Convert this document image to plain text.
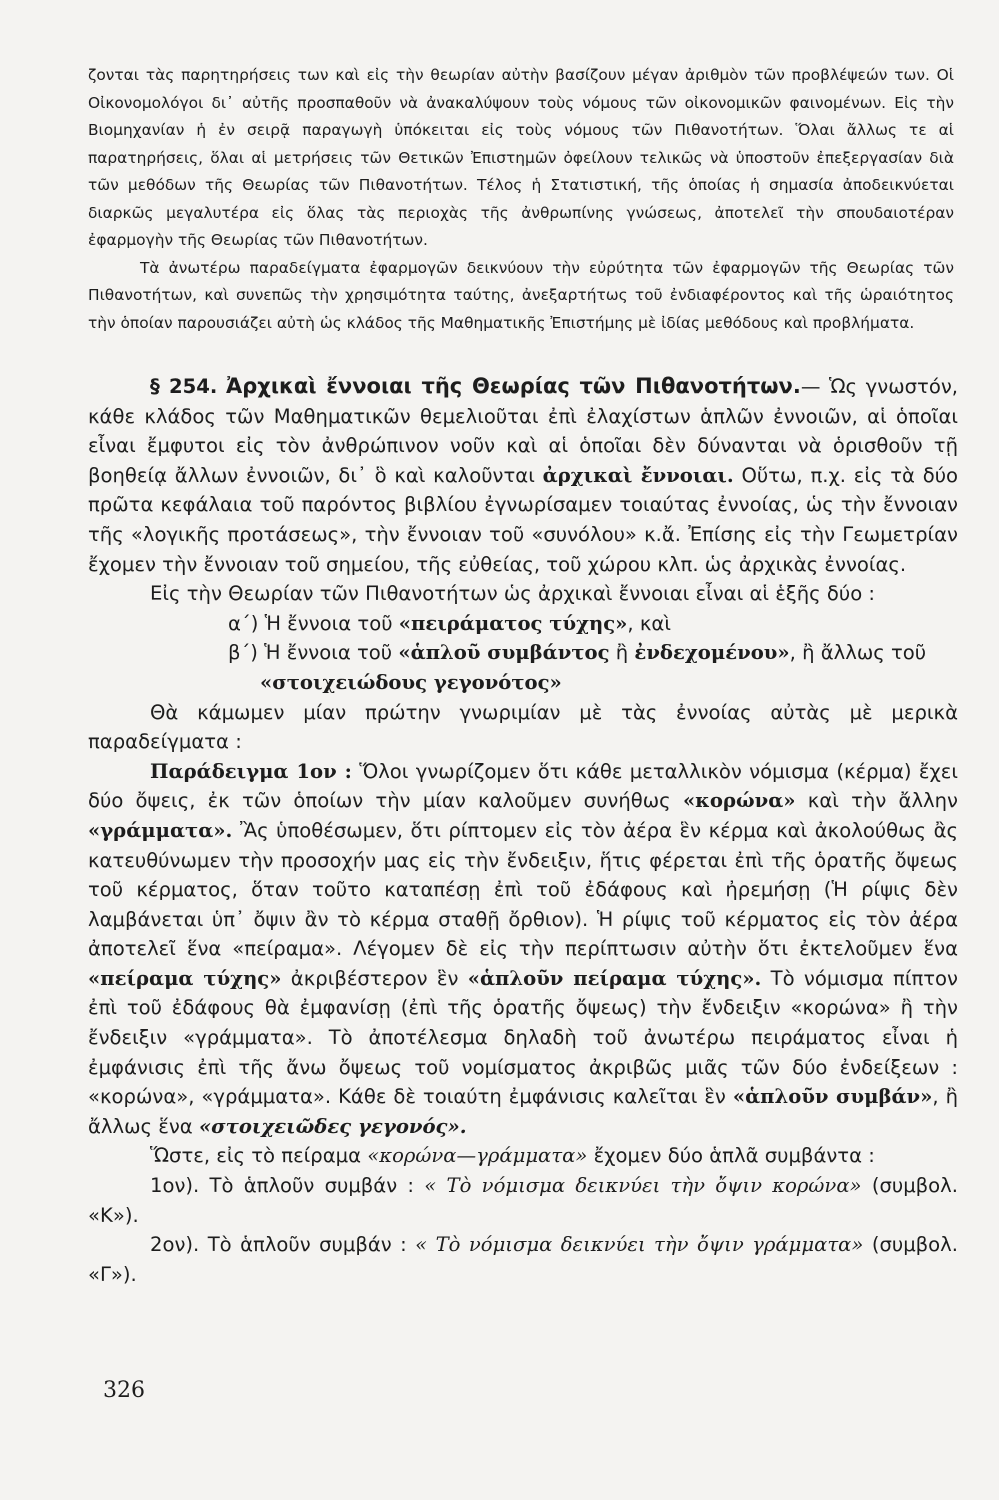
ζονται τὰς παρητηρήσεις των καὶ εἰς τὴν θεωρίαν αὐτὴν βασίζουν μέγαν ἀριθμὸν τῶν προβλέψεών των. Οἱ Οἰκονομολόγοι δι᾽ αὐτῆς προσπαθοῦν νὰ ἀνακαλύψουν τοὺς νόμους τῶν οἰκονομικῶν φαινομένων. Εἰς τὴν Βιομηχανίαν ἡ ἐν σειρᾷ παραγωγὴ ὑπόκειται εἰς τοὺς νόμους τῶν Πιθανοτήτων. Ὅλαι ἄλλως τε αἱ παρατηρήσεις, ὅλαι αἱ μετρήσεις τῶν Θετικῶν Ἐπιστημῶν ὀφείλουν τελικῶς νὰ ὑποστοῦν ἐπεξεργασίαν διὰ τῶν μεθόδων τῆς Θεωρίας τῶν Πιθανοτήτων. Τέλος ἡ Στατιστική, τῆς ὁποίας ἡ σημασία ἀποδεικνύεται διαρκῶς μεγαλυτέρα εἰς ὅλας τὰς περιοχὰς τῆς ἀνθρωπίνης γνώσεως, ἀποτελεῖ τὴν σπουδαιοτέραν ἐφαρμογὴν τῆς Θεωρίας τῶν Πιθανοτήτων.

Τὰ ἀνωτέρω παραδείγματα ἐφαρμογῶν δεικνύουν τὴν εὐρύτητα τῶν ἐφαρμογῶν τῆς Θεωρίας τῶν Πιθανοτήτων, καὶ συνεπῶς τὴν χρησιμότητα ταύτης, ἀνεξαρτήτως τοῦ ἐνδιαφέροντος καὶ τῆς ὡραιότητος τὴν ὁποίαν παρουσιάζει αὐτὴ ὡς κλάδος τῆς Μαθηματικῆς Ἐπιστήμης μὲ ἰδίας μεθόδους καὶ προβλήματα.

§ 254. Ἀρχικαὶ ἔννοιαι τῆς Θεωρίας τῶν Πιθανοτήτων.— Ὡς γνωστόν, κάθε κλάδος τῶν Μαθηματικῶν θεμελιοῦται ἐπὶ ἐλαχίστων ἁπλῶν ἐννοιῶν, αἱ ὁποῖαι εἶναι ἔμφυτοι εἰς τὸν ἀνθρώπινον νοῦν καὶ αἱ ὁποῖαι δὲν δύνανται νὰ ὁρισθοῦν τῇ βοηθείᾳ ἄλλων ἐννοιῶν, δι᾽ ὃ καὶ καλοῦνται ἀρχικαὶ ἔννοιαι. Οὕτω, π.χ. εἰς τὰ δύο πρῶτα κεφάλαια τοῦ παρόντος βιβλίου ἐγνωρίσαμεν τοιαύτας ἐννοίας, ὡς τὴν ἔννοιαν τῆς «λογικῆς προτάσεως», τὴν ἔννοιαν τοῦ «συνόλου» κ.ἄ. Ἐπίσης εἰς τὴν Γεωμετρίαν ἔχομεν τὴν ἔννοιαν τοῦ σημείου, τῆς εὐθείας, τοῦ χώρου κλπ. ὡς ἀρχικὰς ἐννοίας.

Εἰς τὴν Θεωρίαν τῶν Πιθανοτήτων ὡς ἀρχικαὶ ἔννοιαι εἶναι αἱ ἑξῆς δύο :

α΄) Ἡ ἔννοια τοῦ «πειράματος τύχης», καὶ

β΄) Ἡ ἔννοια τοῦ «ἁπλοῦ συμβάντος ἢ ἐνδεχομένου», ἢ ἄλλως τοῦ

«στοιχειώδους γεγονότος»

Θὰ κάμωμεν μίαν πρώτην γνωριμίαν μὲ τὰς ἐννοίας αὐτὰς μὲ μερικὰ παραδείγματα :

Παράδειγμα 1ον : Ὅλοι γνωρίζομεν ὅτι κάθε μεταλλικὸν νόμισμα (κέρμα) ἔχει δύο ὄψεις, ἐκ τῶν ὁποίων τὴν μίαν καλοῦμεν συνήθως «κορώνα» καὶ τὴν ἄλλην «γράμματα». Ἂς ὑποθέσωμεν, ὅτι ρίπτομεν εἰς τὸν ἀέρα ἓν κέρμα καὶ ἀκολούθως ἂς κατευθύνωμεν τὴν προσοχήν μας εἰς τὴν ἔνδειξιν, ἥτις φέρεται ἐπὶ τῆς ὁρατῆς ὄψεως τοῦ κέρματος, ὅταν τοῦτο καταπέσῃ ἐπὶ τοῦ ἐδάφους καὶ ἠρεμήσῃ (Ἡ ρίψις δὲν λαμβάνεται ὑπ᾽ ὄψιν ἂν τὸ κέρμα σταθῇ ὄρθιον). Ἡ ρίψις τοῦ κέρματος εἰς τὸν ἀέρα ἀποτελεῖ ἕνα «πείραμα». Λέγομεν δὲ εἰς τὴν περίπτωσιν αὐτὴν ὅτι ἐκτελοῦμεν ἕνα «πείραμα τύχης» ἀκριβέστερον ἓν «ἁπλοῦν πείραμα τύχης». Τὸ νόμισμα πίπτον ἐπὶ τοῦ ἐδάφους θὰ ἐμφανίσῃ (ἐπὶ τῆς ὁρατῆς ὄψεως) τὴν ἔνδειξιν «κορώνα» ἢ τὴν ἔνδειξιν «γράμματα». Τὸ ἀποτέλεσμα δηλαδὴ τοῦ ἀνωτέρω πειράματος εἶναι ἡ ἐμφάνισις ἐπὶ τῆς ἄνω ὄψεως τοῦ νομίσματος ἀκριβῶς μιᾶς τῶν δύο ἐνδείξεων : «κορώνα», «γράμματα». Κάθε δὲ τοιαύτη ἐμφάνισις καλεῖται ἓν «ἁπλοῦν συμβάν», ἢ ἄλλως ἕνα «στοιχειῶδες γεγονός».

Ὥστε, εἰς τὸ πείραμα «κορώνα—γράμματα» ἔχομεν δύο ἁπλᾶ συμβάντα :

1ον). Τὸ ἁπλοῦν συμβάν : « Τὸ νόμισμα δεικνύει τὴν ὄψιν κορώνα» (συμβολ. «Κ»).

2ον). Τὸ ἁπλοῦν συμβάν : « Τὸ νόμισμα δεικνύει τὴν ὄψιν γράμματα» (συμβολ. «Γ»).

326
